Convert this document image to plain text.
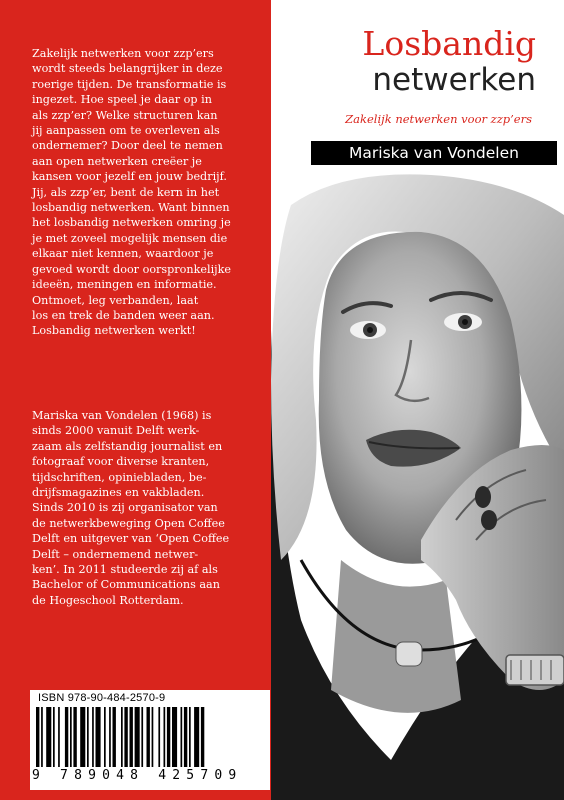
Zakelijk netwerken voor zzp’ers
wordt steeds belangrijker in deze
roerige tijden. De transformatie is
ingezet. Hoe speel je daar op in
als zzp’er? Welke structuren kan
jij aanpassen om te overleven als
ondernemer? Door deel te nemen
aan open netwerken creëer je
kansen voor jezelf en jouw bedrijf.
Jij, als zzp’er, bent de kern in het
losbandig netwerken. Want binnen
het losbandig netwerken omring je
je met zoveel mogelijk mensen die
elkaar niet kennen, waardoor je
gevoed wordt door oorspronkelijke
ideeën, meningen en informatie.
Ontmoet, leg verbanden, laat
los en trek de banden weer aan.
Losbandig netwerken werkt!

Mariska van Vondelen (1968) is
sinds 2000 vanuit Delft werk-
zaam als zelfstandig journalist en
fotograaf voor diverse kranten,
tijdschriften, opiniebladen, be-
drijfsmagazines en vakbladen.
Sinds 2010 is zij organisator van
de netwerkbeweging Open Coffee
Delft en uitgever van ‘Open Coffee
Delft – ondernemend netwer-
ken’. In 2011 studeerde zij af als
Bachelor of Communications aan
de Hogeschool Rotterdam.

ISBN 978-90-484-2570-9
9 789048 425709
Losbandig
netwerken

Zakelijk netwerken voor zzp’ers

Mariska van Vondelen
